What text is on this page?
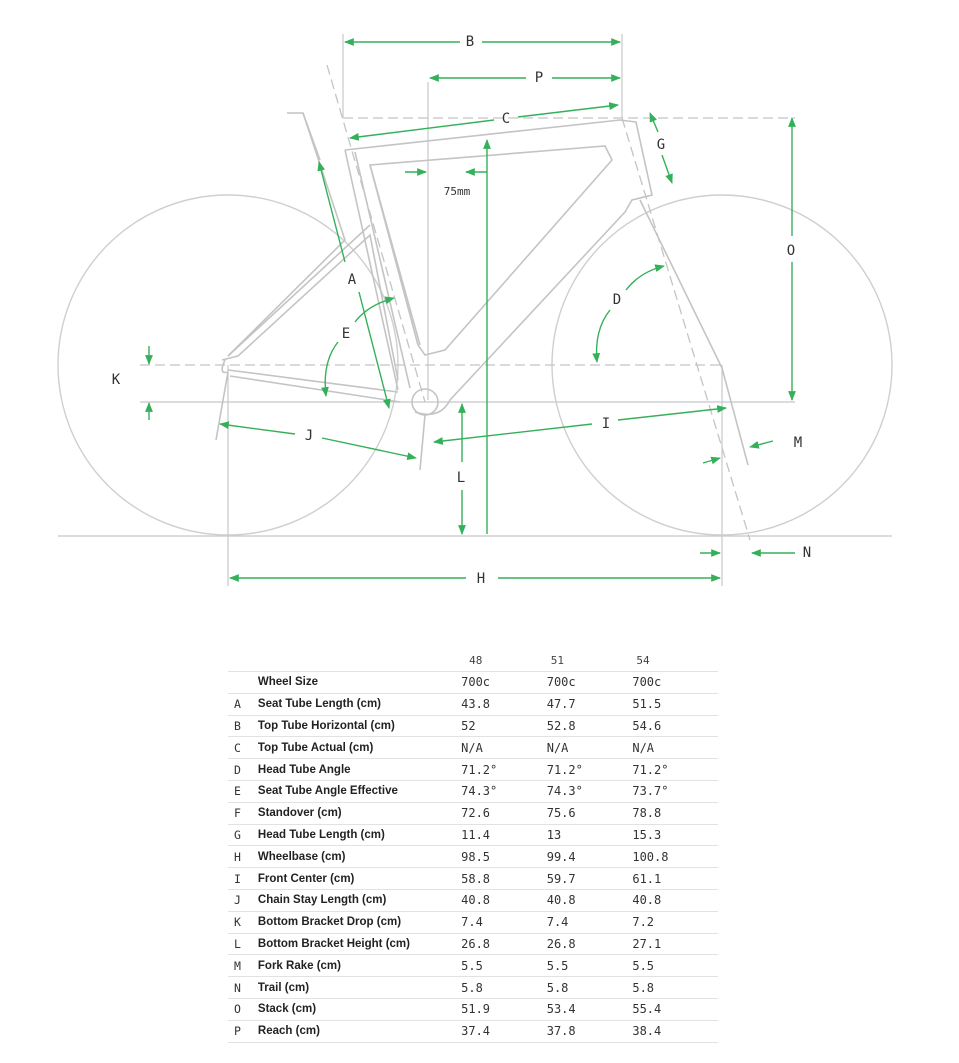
B
P
C
G
75mm
O
A
D
E
K
I
J	M
L
N
H
		48	51	54
	Wheel Size	700c	700c	700c
A	Seat Tube Length (cm)	43.8	47.7	51.5
B	Top Tube Horizontal (cm)	52	52.8	54.6
C	Top Tube Actual (cm)	N/A	N/A	N/A
D	Head Tube Angle	71.2°	71.2°	71.2°
E	Seat Tube Angle Effective	74.3°	74.3°	73.7°
F	Standover (cm)	72.6	75.6	78.8
G	Head Tube Length (cm)	11.4	13	15.3
H	Wheelbase (cm)	98.5	99.4	100.8
I	Front Center (cm)	58.8	59.7	61.1
J	Chain Stay Length (cm)	40.8	40.8	40.8
K	Bottom Bracket Drop (cm)	7.4	7.4	7.2
L	Bottom Bracket Height (cm)	26.8	26.8	27.1
M	Fork Rake (cm)	5.5	5.5	5.5
N	Trail (cm)	5.8	5.8	5.8
O	Stack (cm)	51.9	53.4	55.4
P	Reach (cm)	37.4	37.8	38.4
